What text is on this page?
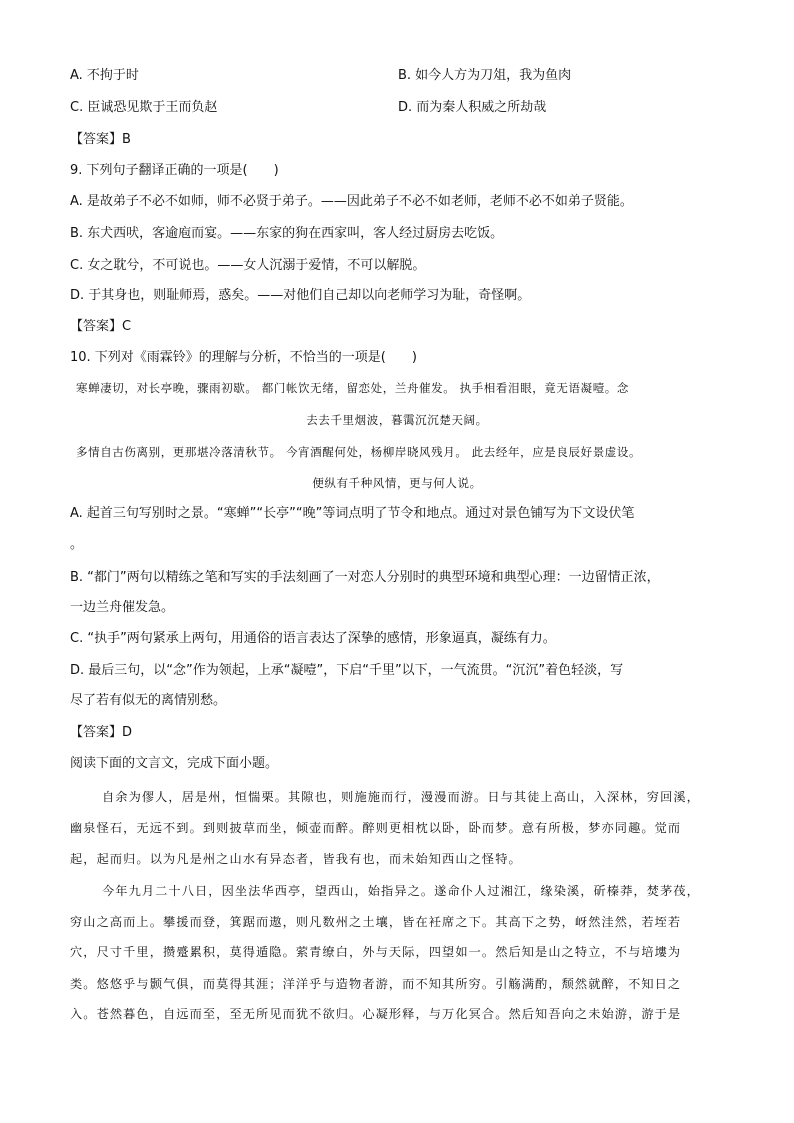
A. 不拘于时	B. 如今人方为刀俎，我为鱼肉
C. 臣诚恐见欺于王而负赵	D. 而为秦人积威之所劫哉
【答案】B
9. 下列句子翻译正确的一项是(　　)
A. 是故弟子不必不如师，师不必贤于弟子。——因此弟子不必不如老师，老师不必不如弟子贤能。
B. 东犬西吠，客逾庖而宴。——东家的狗在西家叫，客人经过厨房去吃饭。
C. 女之耽兮，不可说也。——女人沉溺于爱情，不可以解脱。
D. 于其身也，则耻师焉，惑矣。——对他们自己却以向老师学习为耻，奇怪啊。
【答案】C
10. 下列对《雨霖铃》的理解与分析，不恰当的一项是(　　)
寒蝉凄切，对长亭晚，骤雨初歇。 都门帐饮无绪，留恋处，兰舟催发。 执手相看泪眼，竟无语凝噎。念
去去千里烟波，暮霭沉沉楚天阔。
多情自古伤离别，更那堪冷落清秋节。 今宵酒醒何处，杨柳岸晓风残月。 此去经年，应是良辰好景虚设。
便纵有千种风情，更与何人说。
A. 起首三句写别时之景。“寒蝉”“长亭”“晚”等词点明了节令和地点。通过对景色铺写为下文设伏笔
。
B. “都门”两句以精练之笔和写实的手法刻画了一对恋人分别时的典型环境和典型心理：一边留情正浓，
一边兰舟催发急。
C. “执手”两句紧承上两句，用通俗的语言表达了深挚的感情，形象逼真，凝练有力。
D. 最后三句，以“念”作为领起，上承“凝噎”，下启“千里”以下，一气流贯。“沉沉”着色轻淡，写
尽了若有似无的离情别愁。
【答案】D
阅读下面的文言文，完成下面小题。
自余为僇人，居是州，恒惴栗。其隙也，则施施而行，漫漫而游。日与其徒上高山，入深林，穷回溪，
幽泉怪石，无远不到。到则披草而坐，倾壶而醉。醉则更相枕以卧，卧而梦。意有所极，梦亦同趣。觉而
起，起而归。以为凡是州之山水有异态者，皆我有也，而未始知西山之怪特。
今年九月二十八日，因坐法华西亭，望西山，始指异之。遂命仆人过湘江，缘染溪，斫榛莽，焚茅茷，
穷山之高而上。攀援而登，箕踞而遨，则凡数州之土壤，皆在衽席之下。其高下之势，岈然洼然，若垤若
穴，尺寸千里，攒蹙累积，莫得遁隐。萦青缭白，外与天际，四望如一。然后知是山之特立，不与培塿为
类。悠悠乎与颢气俱，而莫得其涯；洋洋乎与造物者游，而不知其所穷。引觞满酌，颓然就醉，不知日之
入。苍然暮色，自远而至，至无所见而犹不欲归。心凝形释，与万化冥合。然后知吾向之未始游，游于是
